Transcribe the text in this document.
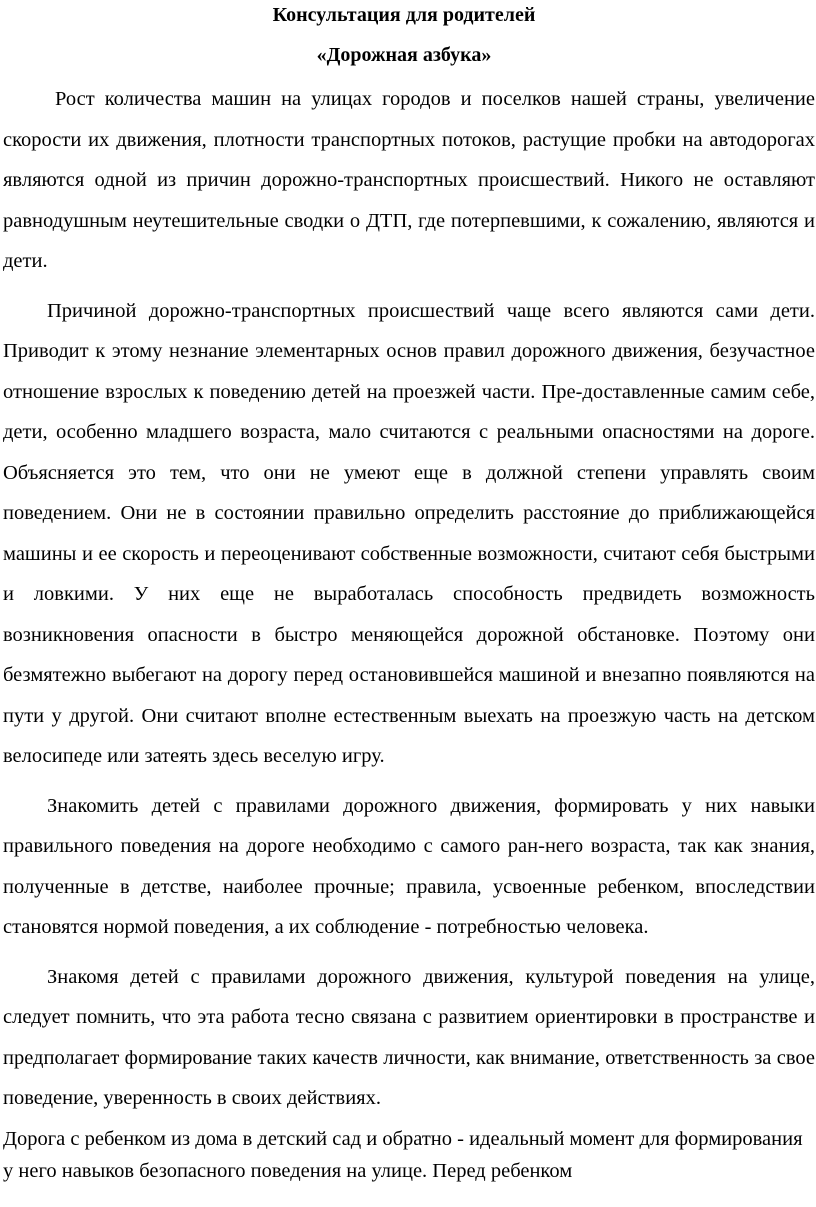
Консультация для родителей
«Дорожная азбука»

Рост количества машин на улицах городов и поселков нашей страны, увеличение скорости их движения, плотности транспортных потоков, растущие пробки на автодорогах являются одной из причин дорожно-транспортных происшествий. Никого не оставляют равнодушным неутешительные сводки о ДТП, где потерпевшими, к сожалению, являются и дети.

Причиной дорожно-транспортных происшествий чаще всего являются сами дети. Приводит к этому незнание элементарных основ правил дорожного движения, безучастное отношение взрослых к поведению детей на проезжей части. Пре-доставленные самим себе, дети, особенно младшего возраста, мало считаются с реальными опасностями на дороге. Объясняется это тем, что они не умеют еще в должной степени управлять своим поведением. Они не в состоянии правильно определить расстояние до приближающейся машины и ее скорость и переоценивают собственные возможности, считают себя быстрыми и ловкими. У них еще не выработалась способность предвидеть возможность возникновения опасности в быстро меняющейся дорожной обстановке. Поэтому они безмятежно выбегают на дорогу перед остановившейся машиной и внезапно появляются на пути у другой. Они считают вполне естественным выехать на проезжую часть на детском велосипеде или затеять здесь веселую игру.

Знакомить детей с правилами дорожного движения, формировать у них навыки правильного поведения на дороге необходимо с самого ран-него возраста, так как знания, полученные в детстве, наиболее прочные; правила, усвоенные ребенком, впоследствии становятся нормой поведения, а их соблюдение - потребностью человека.

Знакомя детей с правилами дорожного движения, культурой поведения на улице, следует помнить, что эта работа тесно связана с развитием ориентировки в пространстве и предполагает формирование таких качеств личности, как внимание, ответственность за свое поведение, уверенность в своих действиях.

Дорога с ребенком из дома в детский сад и обратно - идеальный момент для формирования у него навыков безопасного поведения на улице. Перед ребенком
